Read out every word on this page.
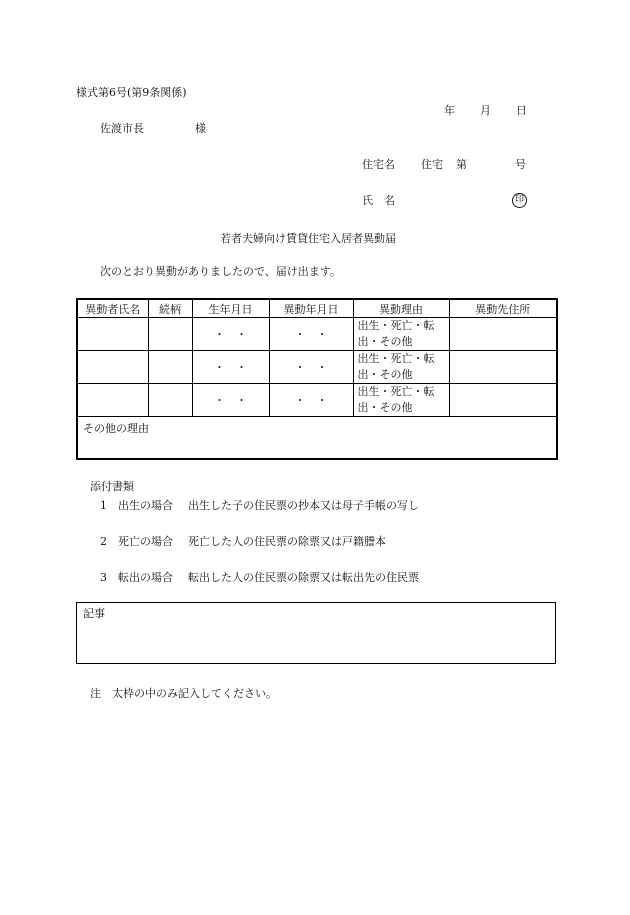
様式第6号(第9条関係)
年 月 日
佐渡市長	様
住宅名 住宅 第	号
氏　名	印
若者夫婦向け賃貸住宅入居者異動届
次のとおり異動がありましたので、届け出ます。
異動者氏名	続柄	生年月日	異動年月日	異動理由	異動先住所
		・　・	・　・	出生・死亡・転
出・その他	

		・　・	・　・	出生・死亡・転
出・その他	

		・　・	・　・	出生・死亡・転
出・その他	

その他の理由					
添付書類
1 出生の場合 出生した子の住民票の抄本又は母子手帳の写し
2 死亡の場合 死亡した人の住民票の除票又は戸籍謄本
3 転出の場合 転出した人の住民票の除票又は転出先の住民票
記事
注　太枠の中のみ記入してください。
